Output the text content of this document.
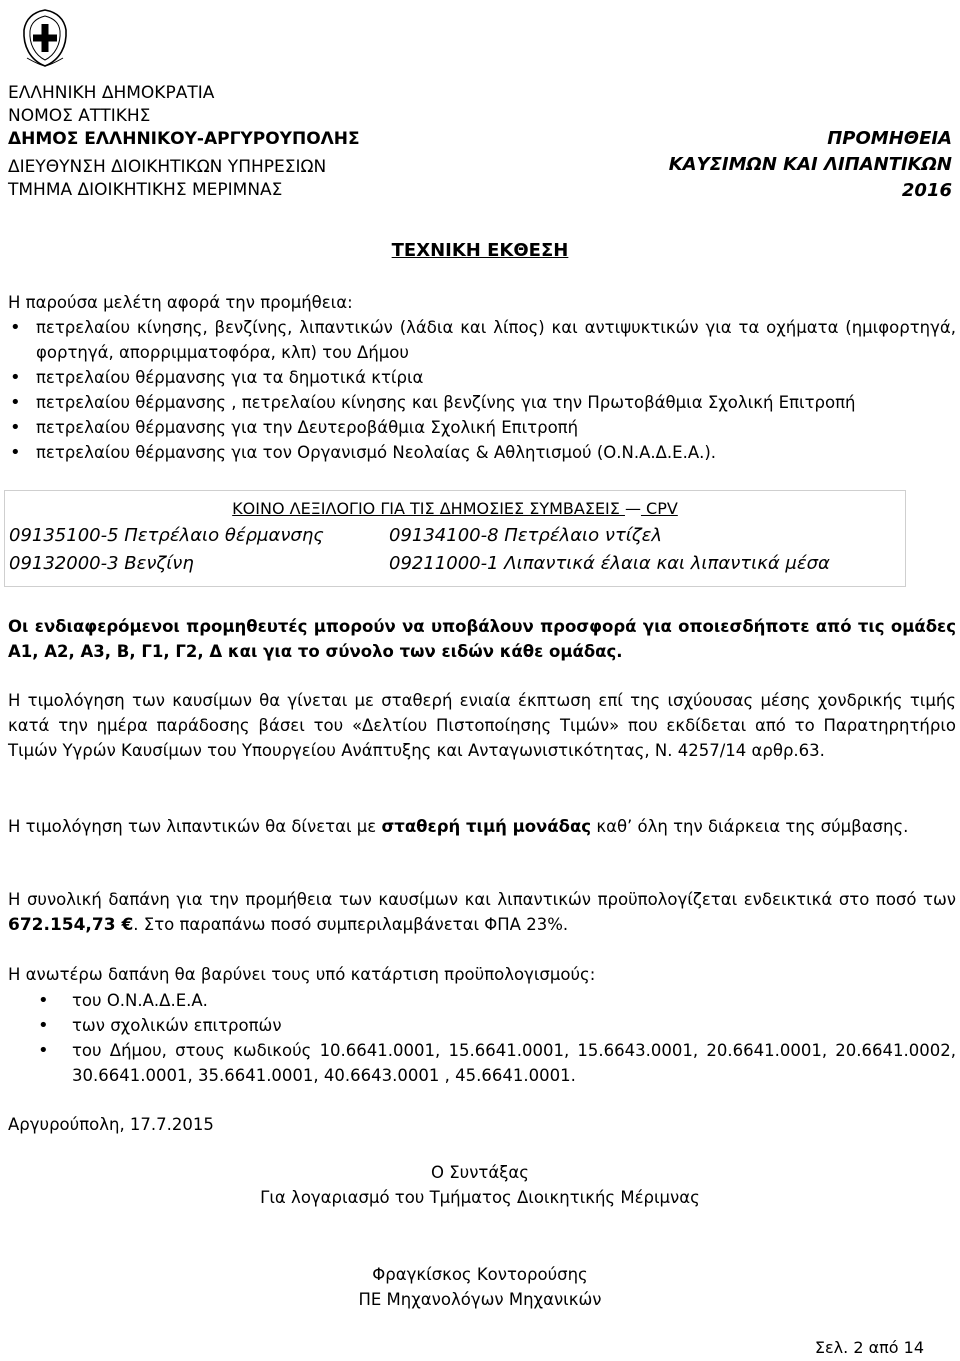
ΕΛΛΗΝΙΚΗ ΔΗΜΟΚΡΑΤΙΑ
ΝΟΜΟΣ ΑΤΤΙΚΗΣ
ΔΗΜΟΣ ΕΛΛΗΝΙΚΟΥ-ΑΡΓΥΡΟΥΠΟΛΗΣ
ΔΙΕΥΘΥΝΣΗ ΔΙΟΙΚΗΤΙΚΩΝ ΥΠΗΡΕΣΙΩΝ
ΤΜΗΜΑ ΔΙΟΙΚΗΤΙΚΗΣ ΜΕΡΙΜΝΑΣ
ΠΡΟΜΗΘΕΙΑ
ΚΑΥΣΙΜΩΝ ΚΑΙ ΛΙΠΑΝΤΙΚΩΝ
2016
ΤΕΧΝΙΚΗ ΕΚΘΕΣΗ
Η παρούσα μελέτη αφορά την προμήθεια:
• πετρελαίου κίνησης, βενζίνης, λιπαντικών (λάδια και λίπος) και αντιψυκτικών για τα οχήματα (ημιφορτηγά, φορτηγά, απορριμματοφόρα, κλπ) του Δήμου
• πετρελαίου θέρμανσης για τα δημοτικά κτίρια
• πετρελαίου θέρμανσης , πετρελαίου κίνησης και βενζίνης για την Πρωτοβάθμια Σχολική Επιτροπή
• πετρελαίου θέρμανσης για την Δευτεροβάθμια Σχολική Επιτροπή
• πετρελαίου θέρμανσης για τον Οργανισμό Νεολαίας & Αθλητισμού (Ο.Ν.Α.Δ.Ε.Α.).
ΚΟΙΝΟ ΛΕΞΙΛΟΓΙΟ ΓΙΑ ΤΙΣ ΔΗΜΟΣΙΕΣ ΣΥΜΒΑΣΕΙΣ — CPV
09135100-5 Πετρέλαιο θέρμανσης	09134100-8 Πετρέλαιο ντίζελ
09132000-3 Βενζίνη	09211000-1 Λιπαντικά έλαια και λιπαντικά μέσα
Οι ενδιαφερόμενοι προμηθευτές μπορούν να υποβάλουν προσφορά για οποιεσδήποτε από τις ομάδες Α1, Α2, Α3, Β, Γ1, Γ2, Δ και για το σύνολο των ειδών κάθε ομάδας.
Η τιμολόγηση των καυσίμων θα γίνεται με σταθερή ενιαία έκπτωση επί της ισχύουσας μέσης χονδρικής τιμής κατά την ημέρα παράδοσης βάσει του «Δελτίου Πιστοποίησης Τιμών» που εκδίδεται από το Παρατηρητήριο Τιμών Υγρών Καυσίμων του Υπουργείου Ανάπτυξης και Ανταγωνιστικότητας, Ν. 4257/14 αρθρ.63.
Η τιμολόγηση των λιπαντικών θα δίνεται με σταθερή τιμή μονάδας καθ’ όλη την διάρκεια της σύμβασης.
Η συνολική δαπάνη για την προμήθεια των καυσίμων και λιπαντικών προϋπολογίζεται ενδεικτικά στο ποσό των 672.154,73 €. Στο παραπάνω ποσό συμπεριλαμβάνεται ΦΠΑ 23%.
Η ανωτέρω δαπάνη θα βαρύνει τους υπό κατάρτιση προϋπολογισμούς:
• του Ο.Ν.Α.Δ.Ε.Α.
• των σχολικών επιτροπών
• του Δήμου, στους κωδικούς 10.6641.0001, 15.6641.0001, 15.6643.0001, 20.6641.0001, 20.6641.0002, 30.6641.0001, 35.6641.0001, 40.6643.0001 , 45.6641.0001.
Αργυρούπολη, 17.7.2015
Ο Συντάξας
Για λογαριασμό του Τμήματος Διοικητικής Μέριμνας
Φραγκίσκος Κοντορούσης
ΠΕ Μηχανολόγων Μηχανικών
Σελ. 2 από 14
